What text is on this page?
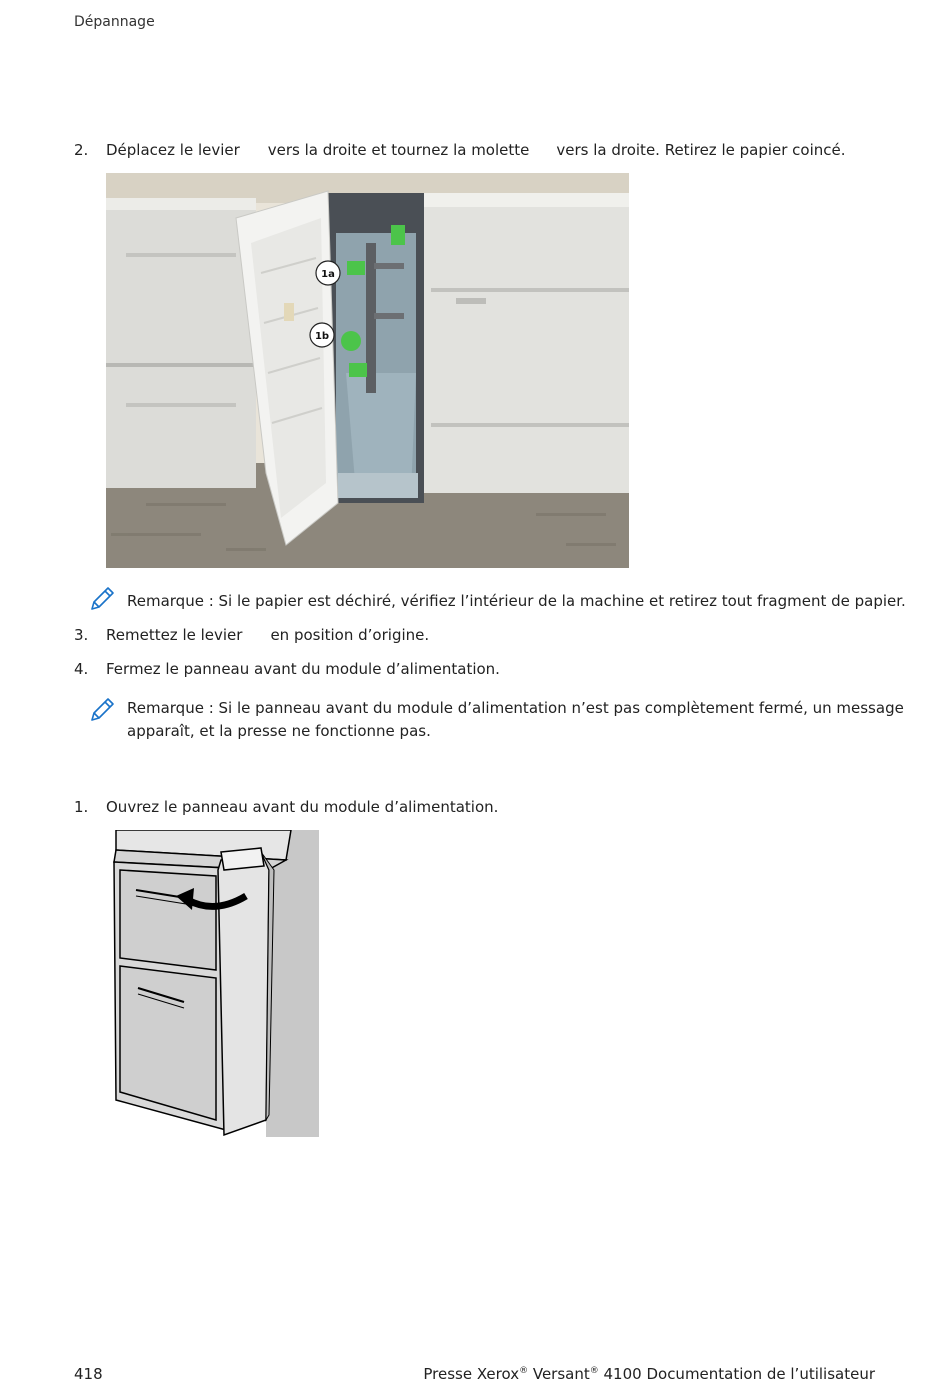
Dépannage
2. Déplacez le levier vers la droite et tournez la molette vers la droite. Retirez le papier coincé.
1a
1b
Remarque : Si le papier est déchiré, vérifiez l’intérieur de la machine et retirez tout fragment de papier.
3. Remettez le levier en position d’origine.
4. Fermez le panneau avant du module d’alimentation.
Remarque : Si le panneau avant du module d’alimentation n’est pas complètement fermé, un message
apparaît, et la presse ne fonctionne pas.
1. Ouvrez le panneau avant du module d’alimentation.
418	Presse Xerox® Versant® 4100 Documentation de l’utilisateur
